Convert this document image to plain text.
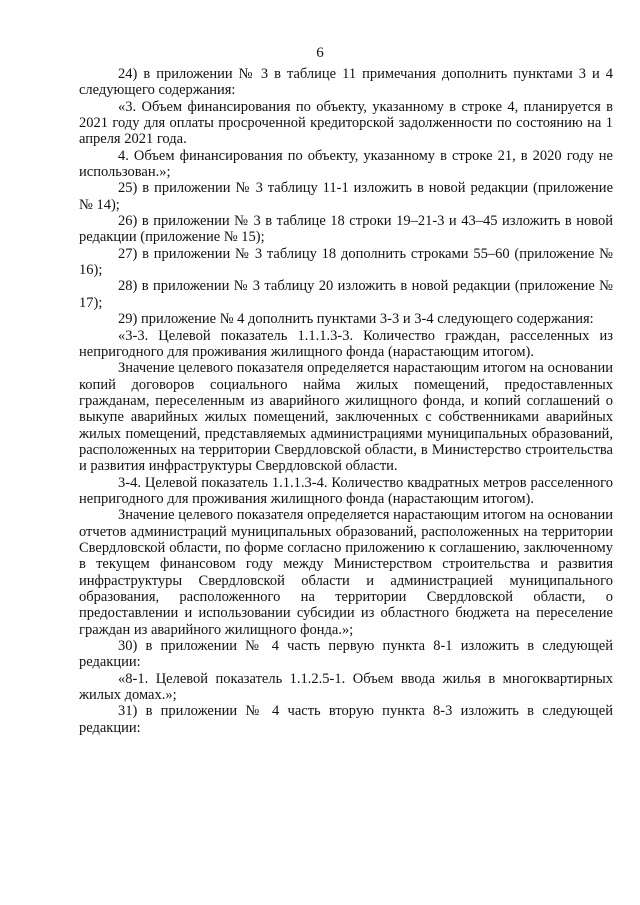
6

24) в приложении № 3 в таблице 11 примечания дополнить пунктами 3 и 4 следующего содержания:

«3. Объем финансирования по объекту, указанному в строке 4, планируется в 2021 году для оплаты просроченной кредиторской задолженности по состоянию на 1 апреля 2021 года.

4. Объем финансирования по объекту, указанному в строке 21, в 2020 году не использован.»;

25) в приложении № 3 таблицу 11-1 изложить в новой редакции (приложение № 14);

26) в приложении № 3 в таблице 18 строки 19–21-3 и 43–45 изложить в новой редакции (приложение № 15);

27) в приложении № 3 таблицу 18 дополнить строками 55–60 (приложение № 16);

28) в приложении № 3 таблицу 20 изложить в новой редакции (приложение № 17);

29) приложение № 4 дополнить пунктами 3-3 и 3-4 следующего содержания:

«3-3. Целевой показатель 1.1.1.3-3. Количество граждан, расселенных из непригодного для проживания жилищного фонда (нарастающим итогом).

Значение целевого показателя определяется нарастающим итогом на основании копий договоров социального найма жилых помещений, предоставленных гражданам, переселенным из аварийного жилищного фонда, и копий соглашений о выкупе аварийных жилых помещений, заключенных с собственниками аварийных жилых помещений, представляемых администрациями муниципальных образований, расположенных на территории Свердловской области, в Министерство строительства и развития инфраструктуры Свердловской области.

3-4. Целевой показатель 1.1.1.3-4. Количество квадратных метров расселенного непригодного для проживания жилищного фонда (нарастающим итогом).

Значение целевого показателя определяется нарастающим итогом на основании отчетов администраций муниципальных образований, расположенных на территории Свердловской области, по форме согласно приложению к соглашению, заключенному в текущем финансовом году между Министерством строительства и развития инфраструктуры Свердловской области и администрацией муниципального образования, расположенного на территории Свердловской области, о предоставлении и использовании субсидии из областного бюджета на переселение граждан из аварийного жилищного фонда.»;

30) в приложении № 4 часть первую пункта 8-1 изложить в следующей редакции:

«8-1. Целевой показатель 1.1.2.5-1. Объем ввода жилья в многоквартирных жилых домах.»;

31) в приложении № 4 часть вторую пункта 8-3 изложить в следующей редакции:
